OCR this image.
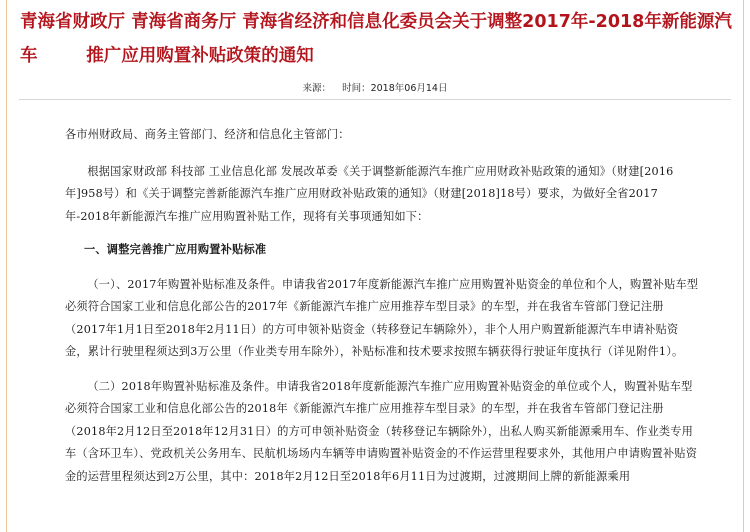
青海省财政厅 青海省商务厅 青海省经济和信息化委员会关于调整2017年-2018年新能源汽
车        推广应用购置补贴政策的通知
来源： 时间：2018年06月14日

各市州财政局、商务主管部门、经济和信息化主管部门：

根据国家财政部 科技部 工业信息化部 发展改革委《关于调整新能源汽车推广应用财政补贴政策的通知》（财建[2016年]958号）和《关于调整完善新能源汽车推广应用财政补贴政策的通知》（财建[2018]18号）要求，为做好全省2017年-2018年新能源汽车推广应用购置补贴工作，现将有关事项通知如下：

一、调整完善推广应用购置补贴标准

（一）、2017年购置补贴标准及条件。申请我省2017年度新能源汽车推广应用购置补贴资金的单位和个人，购置补贴车型必须符合国家工业和信息化部公告的2017年《新能源汽车推广应用推荐车型目录》的车型，并在我省车管部门登记注册（2017年1月1日至2018年2月11日）的方可申领补贴资金（转移登记车辆除外），非个人用户购置新能源汽车申请补贴资金，累计行驶里程须达到3万公里（作业类专用车除外），补贴标准和技术要求按照车辆获得行驶证年度执行（详见附件1）。

（二）2018年购置补贴标准及条件。申请我省2018年度新能源汽车推广应用购置补贴资金的单位或个人，购置补贴车型必须符合国家工业和信息化部公告的2018年《新能源汽车推广应用推荐车型目录》的车型，并在我省车管部门登记注册（2018年2月12日至2018年12月31日）的方可申领补贴资金（转移登记车辆除外），出私人购买新能源乘用车、作业类专用车（含环卫车）、党政机关公务用车、民航机场场内车辆等申请购置补贴资金的不作运营里程要求外，其他用户申请购置补贴资金的运营里程须达到2万公里，其中：2018年2月12日至2018年6月11日为过渡期，过渡期间上牌的新能源乘用
